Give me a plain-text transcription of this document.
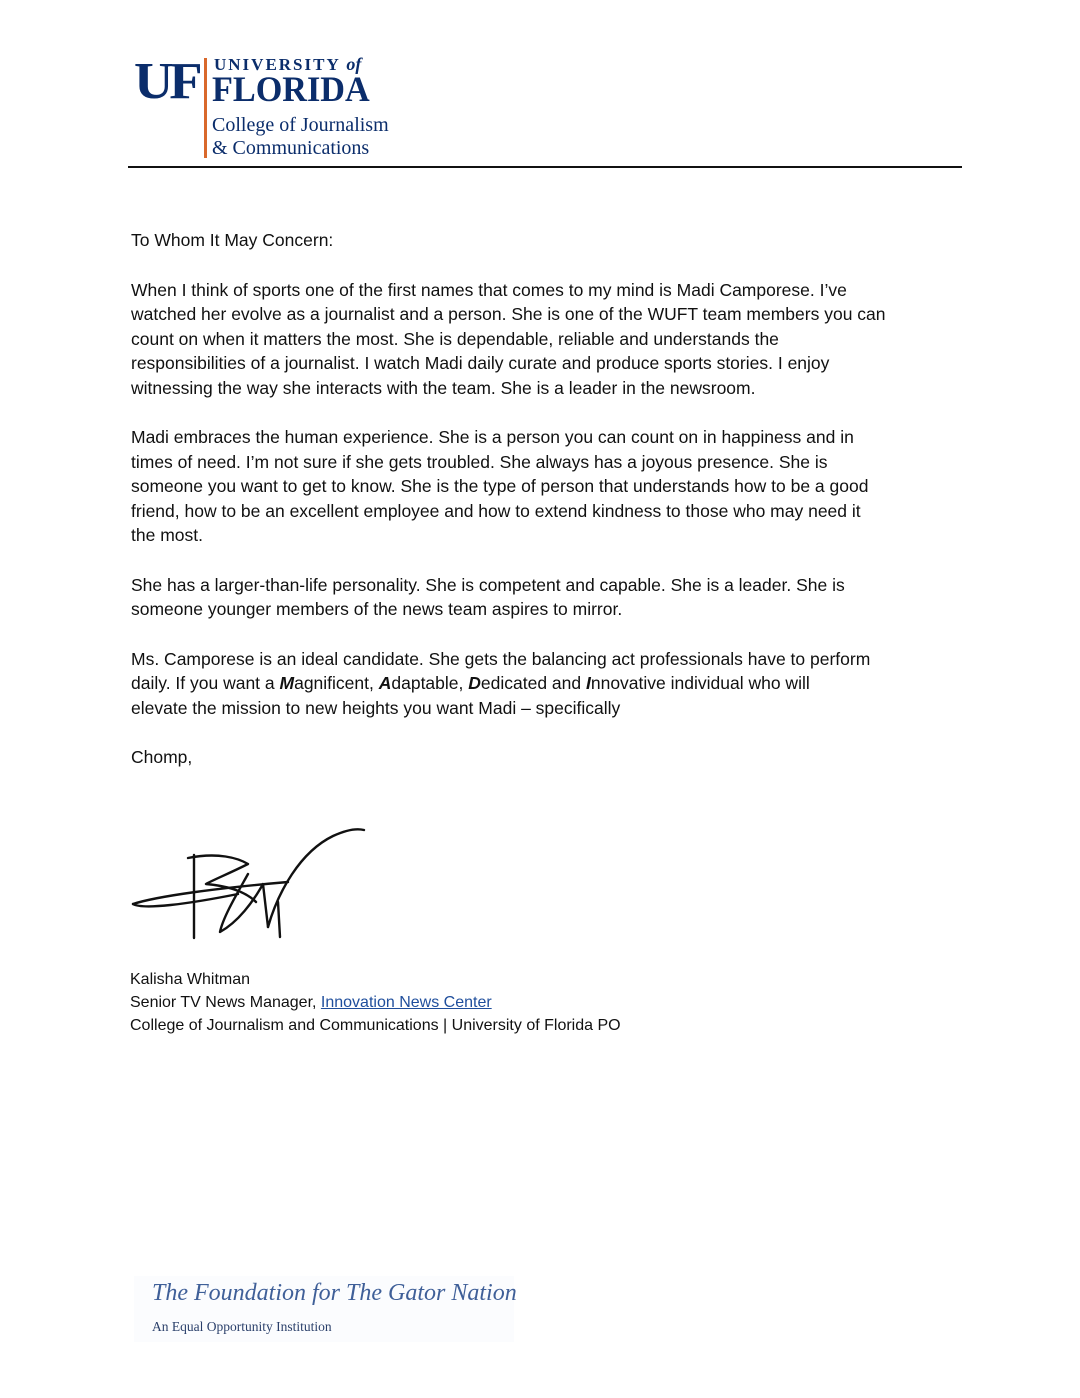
UF UNIVERSITY of
FLORIDA
College of Journalism
& Communications

To Whom It May Concern:

When I think of sports one of the first names that comes to my mind is Madi Camporese. I’ve
watched her evolve as a journalist and a person. She is one of the WUFT team members you can
count on when it matters the most. She is dependable, reliable and understands the
responsibilities of a journalist. I watch Madi daily curate and produce sports stories. I enjoy
witnessing the way she interacts with the team. She is a leader in the newsroom.

Madi embraces the human experience. She is a person you can count on in happiness and in
times of need. I’m not sure if she gets troubled. She always has a joyous presence. She is
someone you want to get to know. She is the type of person that understands how to be a good
friend, how to be an excellent employee and how to extend kindness to those who may need it
the most.

She has a larger-than-life personality. She is competent and capable. She is a leader. She is
someone younger members of the news team aspires to mirror.

Ms. Camporese is an ideal candidate. She gets the balancing act professionals have to perform
daily. If you want a Magnificent, Adaptable, Dedicated and Innovative individual who will
elevate the mission to new heights you want Madi – specifically

Chomp,

Kalisha Whitman
Senior TV News Manager, Innovation News Center
College of Journalism and Communications | University of Florida PO
The Foundation for The Gator Nation
An Equal Opportunity Institution
